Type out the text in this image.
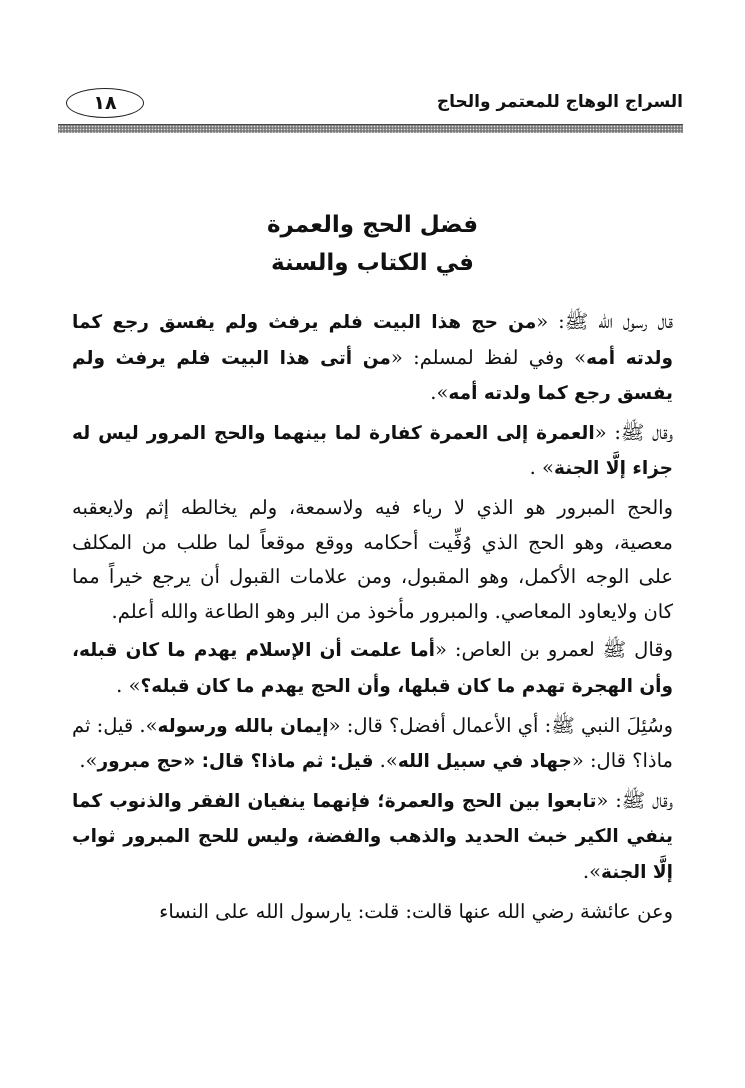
السراج الوهاج للمعتمر والحاج
١٨
فضل الحج والعمرة
في الكتاب والسنة

قال رسول الله ﷺ: «من حج هذا البيت فلم يرفث ولم يفسق رجع كما ولدته أمه» وفي لفظ لمسلم: «من أتى هذا البيت فلم يرفث ولم يفسق رجع كما ولدته أمه».

وقال ﷺ: «العمرة إلى العمرة كفارة لما بينهما والحج المرور ليس له جزاء إلَّا الجنة» .

والحج المبرور هو الذي لا رياء فيه ولاسمعة، ولم يخالطه إثم ولايعقبه معصية، وهو الحج الذي وُفِّيت أحكامه ووقع موقعاً لما طلب من المكلف على الوجه الأكمل، وهو المقبول، ومن علامات القبول أن يرجع خيراً مما كان ولايعاود المعاصي. والمبرور مأخوذ من البر وهو الطاعة والله أعلم.

وقال ﷺ لعمرو بن العاص: «أما علمت أن الإسلام يهدم ما كان قبله، وأن الهجرة تهدم ما كان قبلها، وأن الحج يهدم ما كان قبله؟» .

وسُئِلَ النبي ﷺ: أي الأعمال أفضل؟ قال: «إيمان بالله ورسوله». قيل: ثم ماذا؟ قال: «جهاد في سبيل الله». قيل: ثم ماذا؟ قال: «حج مبرور».

وقال ﷺ: «تابعوا بين الحج والعمرة؛ فإنهما ينفيان الفقر والذنوب كما ينفي الكير خبث الحديد والذهب والفضة، وليس للحج المبرور ثواب إلَّا الجنة».

وعن عائشة رضي الله عنها قالت: قلت: يارسول الله على النساء
